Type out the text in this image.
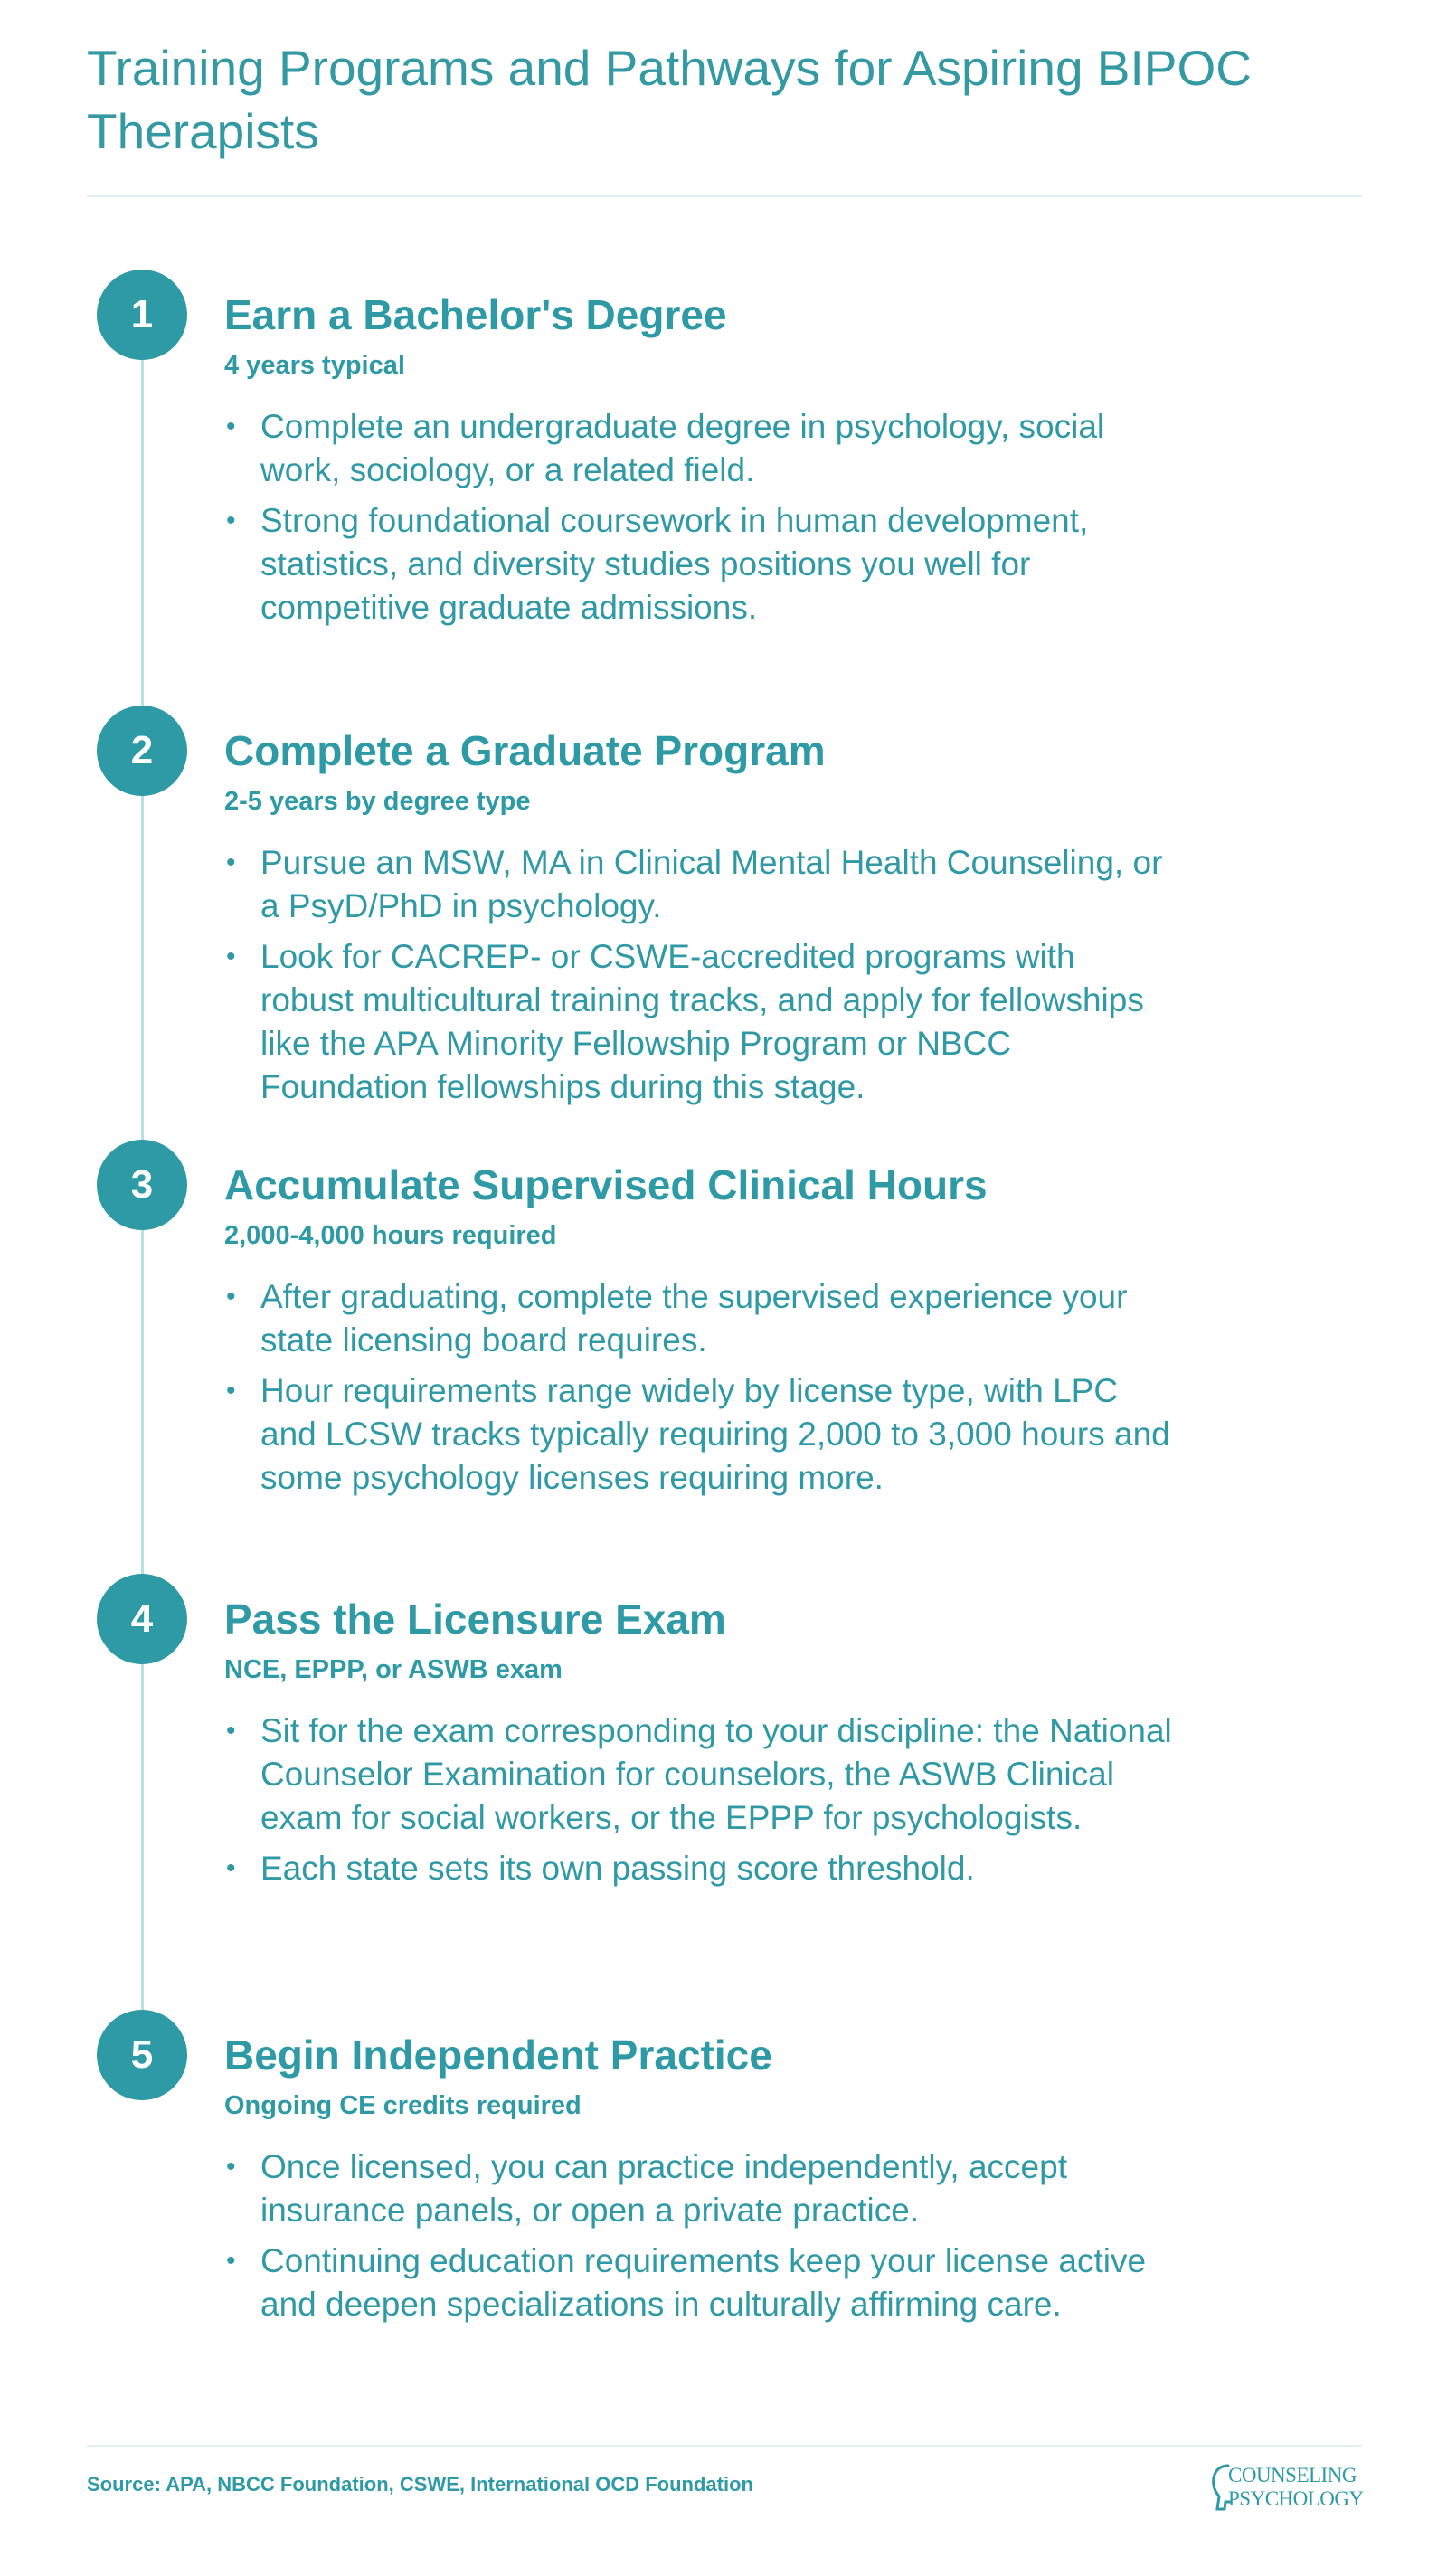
Training Programs and Pathways for Aspiring BIPOC Therapists
1	Earn a Bachelor's Degree
4 years typical
• Complete an undergraduate degree in psychology, social work, sociology, or a related field.
• Strong foundational coursework in human development, statistics, and diversity studies positions you well for competitive graduate admissions.
2	Complete a Graduate Program
2-5 years by degree type
• Pursue an MSW, MA in Clinical Mental Health Counseling, or a PsyD/PhD in psychology.
• Look for CACREP- or CSWE-accredited programs with robust multicultural training tracks, and apply for fellowships like the APA Minority Fellowship Program or NBCC Foundation fellowships during this stage.
3	Accumulate Supervised Clinical Hours
2,000-4,000 hours required
• After graduating, complete the supervised experience your state licensing board requires.
• Hour requirements range widely by license type, with LPC and LCSW tracks typically requiring 2,000 to 3,000 hours and some psychology licenses requiring more.
4	Pass the Licensure Exam
NCE, EPPP, or ASWB exam
• Sit for the exam corresponding to your discipline: the National Counselor Examination for counselors, the ASWB Clinical exam for social workers, or the EPPP for psychologists.
• Each state sets its own passing score threshold.
5	Begin Independent Practice
Ongoing CE credits required
• Once licensed, you can practice independently, accept insurance panels, or open a private practice.
• Continuing education requirements keep your license active and deepen specializations in culturally affirming care.
Source: APA, NBCC Foundation, CSWE, International OCD Foundation	COUNSELING
PSYCHOLOGY
